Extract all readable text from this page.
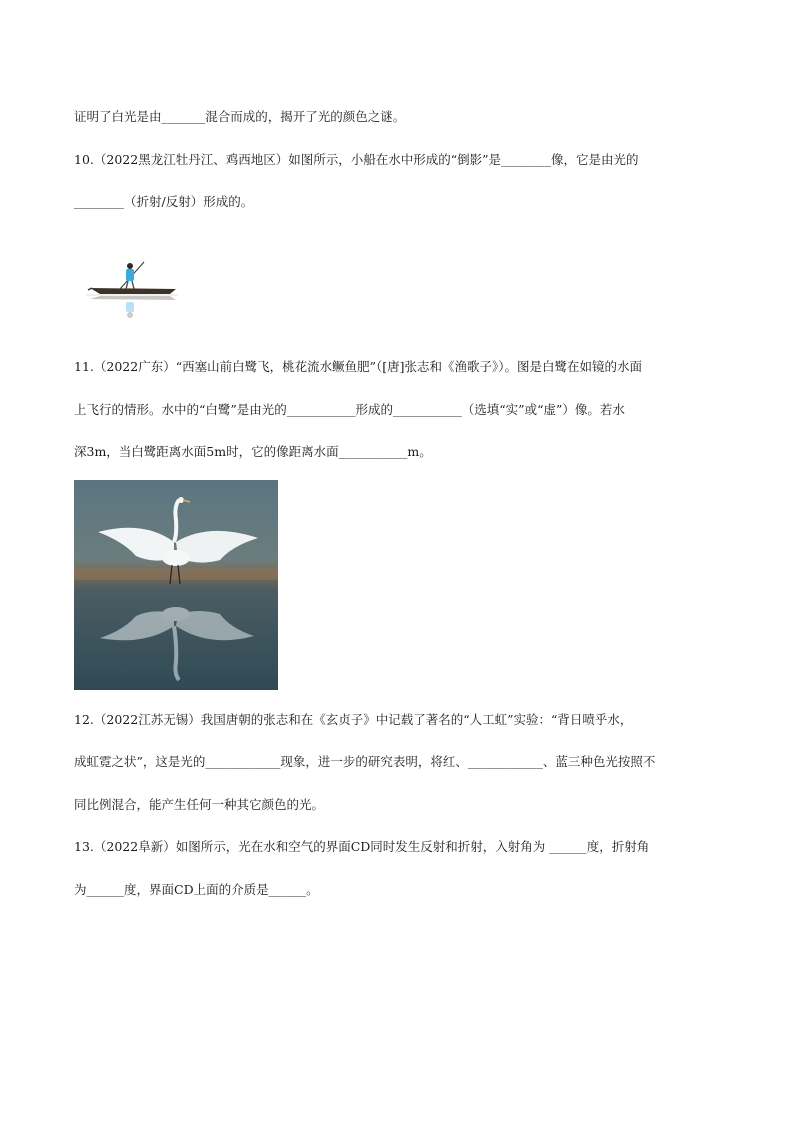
证明了白光是由_______混合而成的，揭开了光的颜色之谜。
10.（2022黑龙江牡丹江、鸡西地区）如图所示，小船在水中形成的“倒影”是________像，它是由光的
________（折射/反射）形成的。
11.（2022广东）“西塞山前白鹭飞，桃花流水鳜鱼肥”（[唐]张志和《渔歌子》）。图是白鹭在如镜的水面
上飞行的情形。水中的“白鹭”是由光的___________形成的___________（选填“实”或“虚”）像。若水
深3m，当白鹭距离水面5m时，它的像距离水面___________m。
12.（2022江苏无锡）我国唐朝的张志和在《玄贞子》中记载了著名的“人工虹”实验：“背日喷乎水，
成虹霓之状”，这是光的____________现象，进一步的研究表明，将红、____________、蓝三种色光按照不
同比例混合，能产生任何一种其它颜色的光。
13.（2022阜新）如图所示，光在水和空气的界面CD同时发生反射和折射，入射角为 ______度，折射角
为______度，界面CD上面的介质是______。
